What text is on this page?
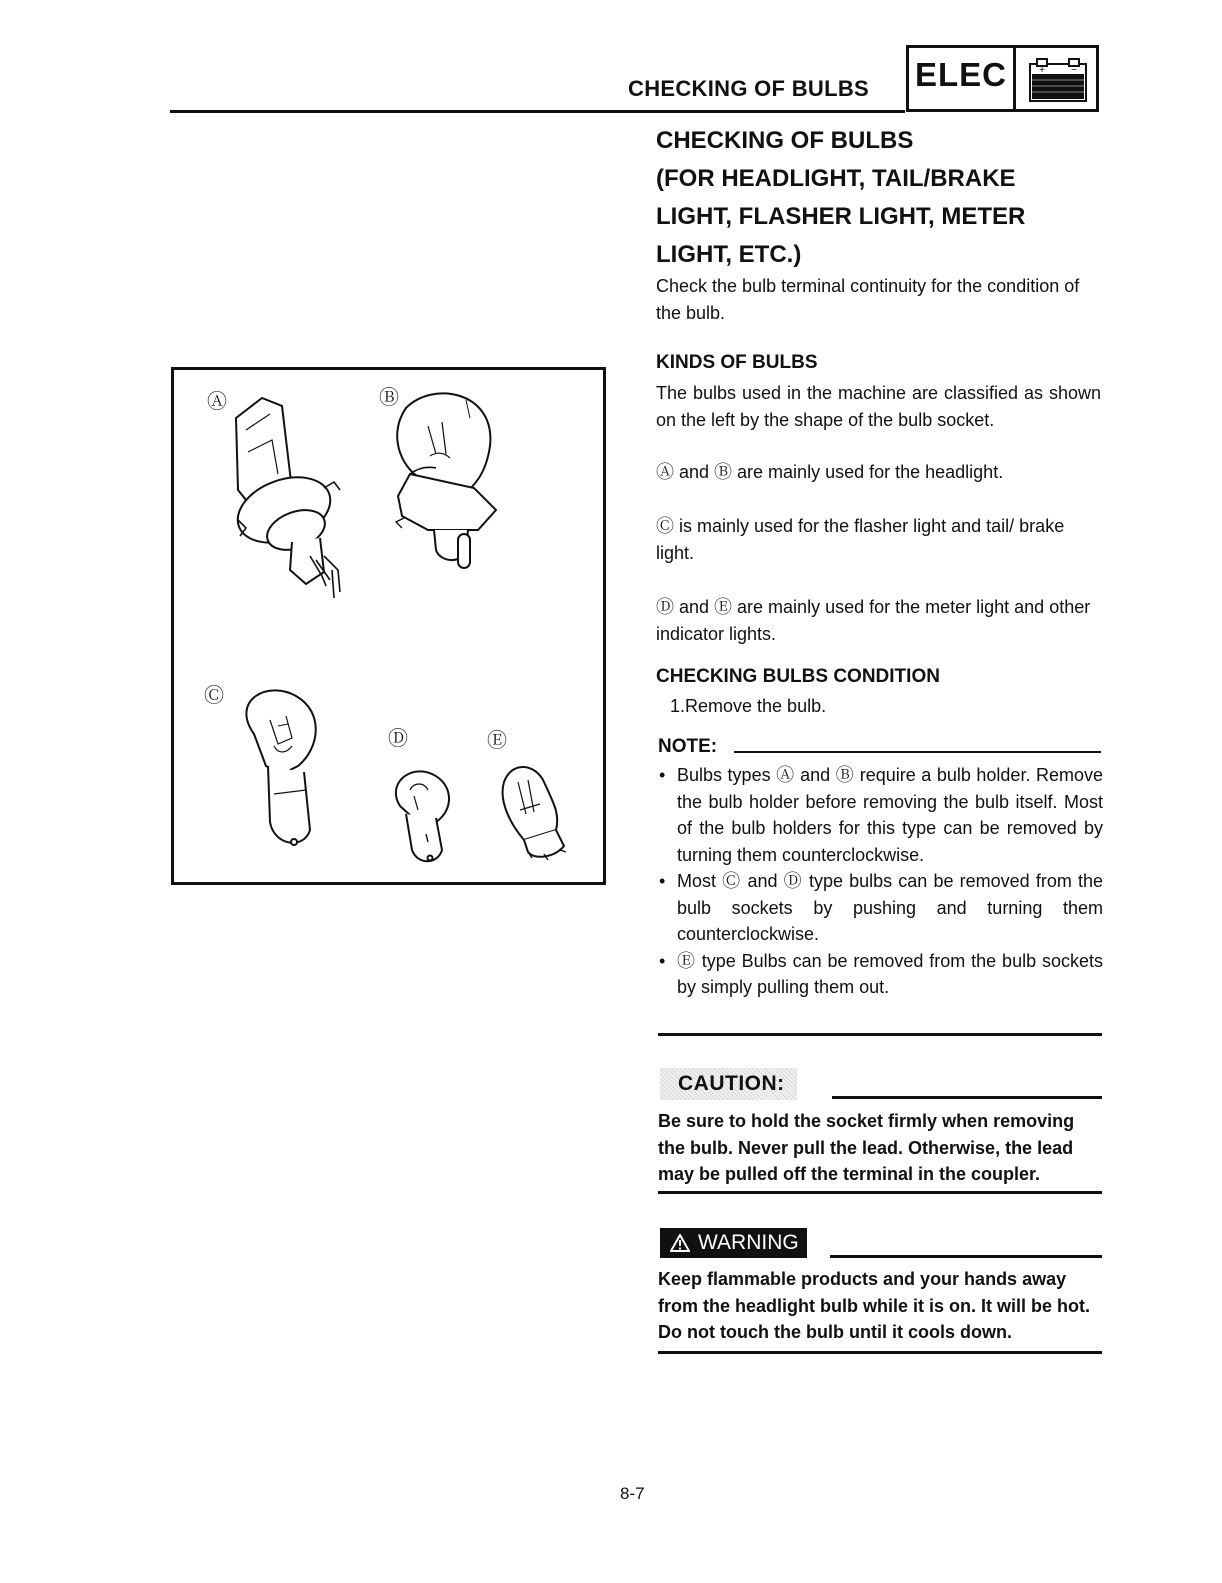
CHECKING OF BULBS ELEC	+	−
CHECKING OF BULBS
(FOR HEADLIGHT, TAIL/BRAKE
LIGHT, FLASHER LIGHT, METER
LIGHT, ETC.)
Check the bulb terminal continuity for the condition of the bulb.
KINDS OF BULBS
The bulbs used in the machine are classified as shown on the left by the shape of the bulb socket.
Ⓐ and Ⓑ are mainly used for the headlight.
Ⓒ is mainly used for the flasher light and tail/ brake light.
Ⓓ and Ⓔ are mainly used for the meter light and other indicator lights.
CHECKING BULBS CONDITION
1.Remove the bulb.
NOTE:
• Bulbs types Ⓐ and Ⓑ require a bulb holder. Remove the bulb holder before removing the bulb itself. Most of the bulb holders for this type can be removed by turning them counterclockwise.
• Most Ⓒ and Ⓓ type bulbs can be removed from the bulb sockets by pushing and turning them counterclockwise.
• Ⓔ type Bulbs can be removed from the bulb sockets by simply pulling them out.
CAUTION:
Be sure to hold the socket firmly when removing the bulb. Never pull the lead. Otherwise, the lead may be pulled off the terminal in the coupler.
WARNING
Keep flammable products and your hands away from the headlight bulb while it is on. It will be hot. Do not touch the bulb until it cools down.
Ⓐ	Ⓑ
Ⓒ
Ⓓ	Ⓔ
8-7
